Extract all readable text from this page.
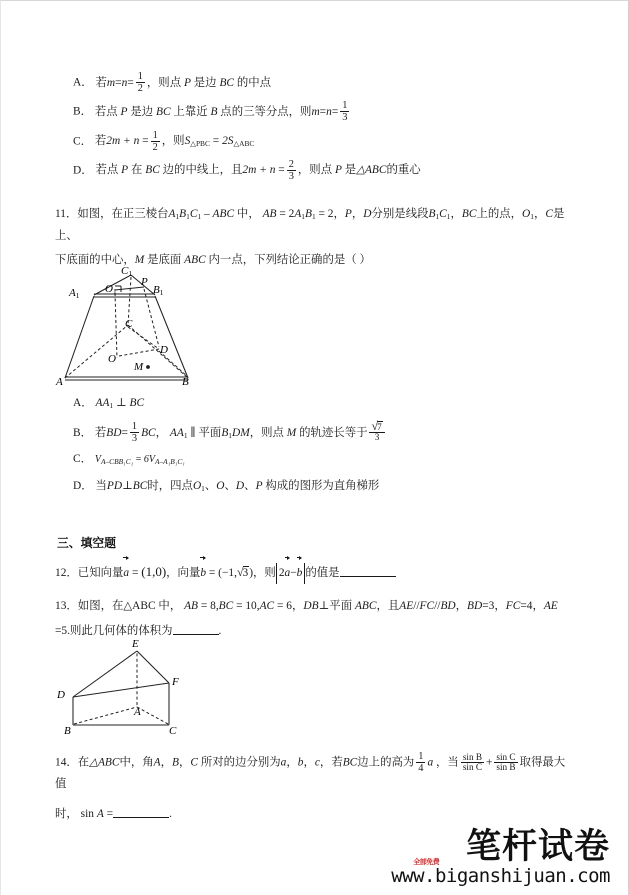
A． 若$m=n= \frac{1}{2}$ ，则点 P 是边 BC 的中点
B． 若点 P 是边 BC 上靠近 B 点的三等分点，则$m=n= \frac{1}{3}$
C． 若$2m + n = \frac{1}{2}$ ，则S△PBC = 2S△ABC
D． 若点 P 在 BC 边的中线上，且$2m + n = \frac{2}{3}$ ，则点 P 是△ABC的重心
11．如图，在正三棱台A1B1C1 – ABC 中， AB = 2A1B1 = 2，P，D分别是线段B1C1，BC上的点，O1，C是上、
下底面的中心，M 是底面 ABC 内一点，下列结论正确的是（ ）
C1
A1	B1
O1
P
C
D
O
M
A	B
A． AA1 ⊥ BC
B． 若$BD= \frac{1}{3}$ BC， AA1 ∥ 平面B1DM，则点 M 的轨迹长等于 $\frac{√7}{3}$
C． $V_{A-CBB_1C_1} = 6V_{A-A_1B_1C_1}$
D． 当PD⊥BC时，四点O1、O、D、P 构成的图形为直角梯形
三、填空题
12．已知向量
a = (1,0)，向量
b = (−1,√3)，则 2
a−
b 的值是
13．如图，在△ABC 中， AB = 8,BC = 10,AC = 6，DB⊥平面 ABC，且AE//FC//BD，BD=3，FC=4，AE
=5.则此几何体的体积为	.
E
D
F
A
B	C
14．在△ABC中，角A，B，C 所对的边分别为a，b，c，若BC边上的高为 $\frac{1}{4}$ a ，当 $\frac{\text{sin B}}{\text{sin C}} + \frac{\text{sin C}}{\text{sin B}}$ 取得最大值
时， sin A =	.
笔杆试卷
www.biganshijuan.com
全部免费
